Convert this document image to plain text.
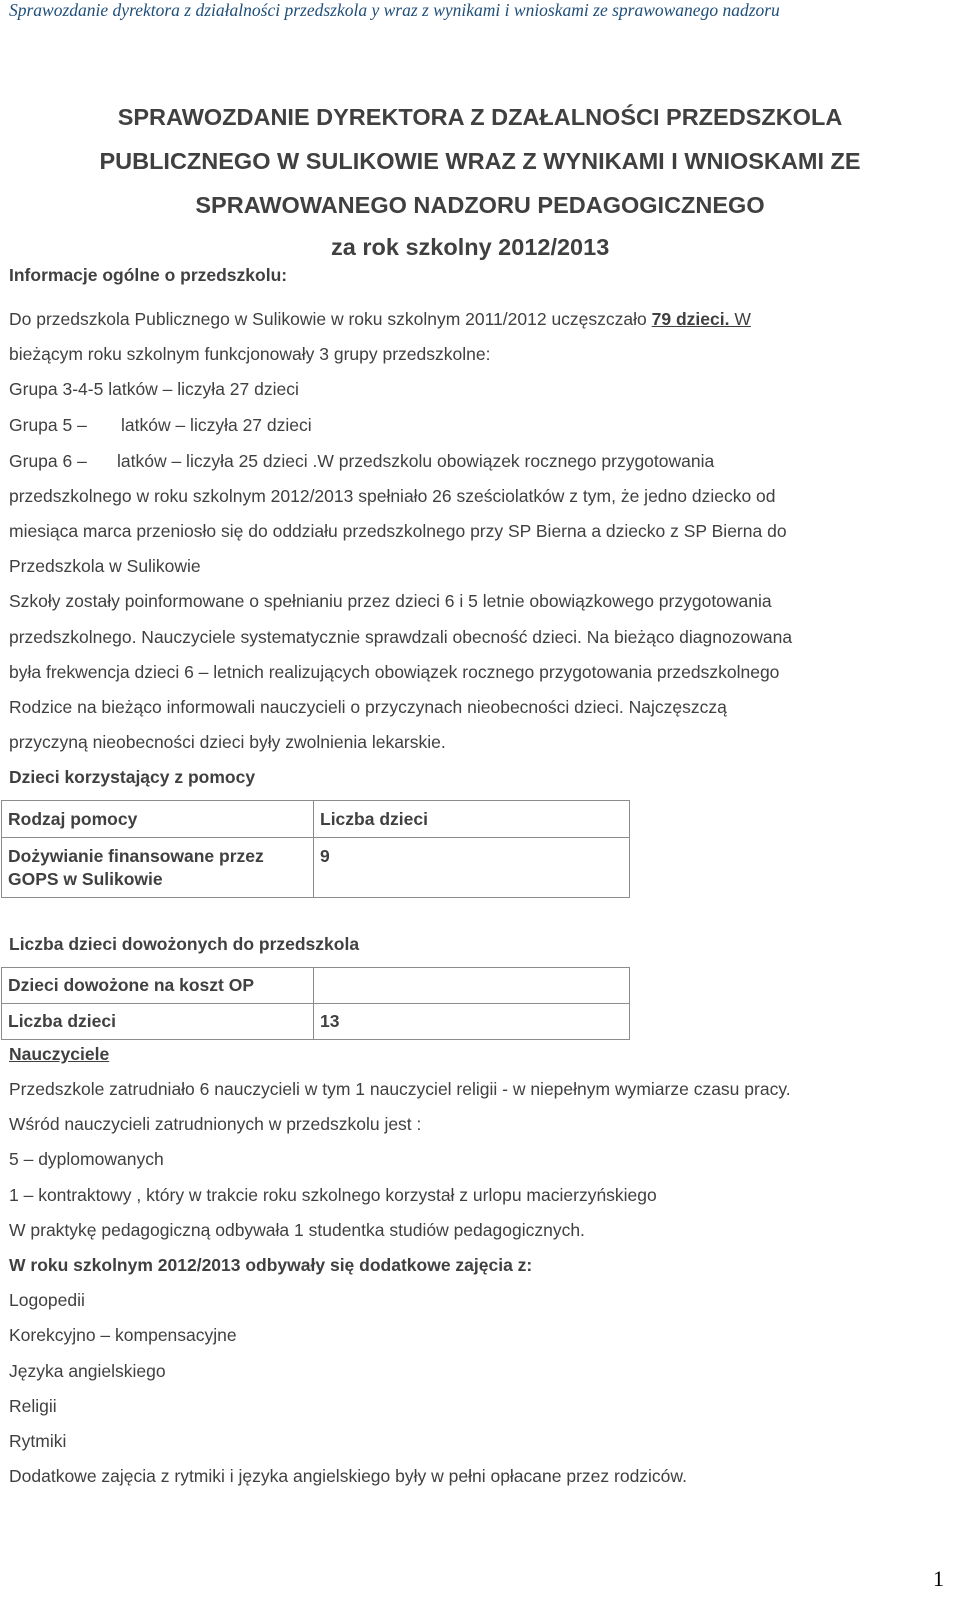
Sprawozdanie dyrektora z działalności przedszkola y wraz z wynikami i wnioskami ze sprawowanego nadzoru
SPRAWOZDANIE DYREKTORA Z DZAŁALNOŚCI PRZEDSZKOLA
PUBLICZNEGO W SULIKOWIE WRAZ Z WYNIKAMI I WNIOSKAMI ZE
SPRAWOWANEGO NADZORU PEDAGOGICZNEGO
za rok szkolny 2012/2013
Informacje ogólne o przedszkolu:
Do przedszkola Publicznego w Sulikowie w roku szkolnym 2011/2012 uczęszczało 79 dzieci. W
bieżącym roku szkolnym funkcjonowały 3 grupy przedszkolne:
Grupa 3-4-5 latków – liczyła 27 dzieci
Grupa 5 – latków – liczyła 27 dzieci
Grupa 6 – latków – liczyła 25 dzieci .W przedszkolu obowiązek rocznego przygotowania
przedszkolnego w roku szkolnym 2012/2013 spełniało 26 sześciolatków z tym, że jedno dziecko od
miesiąca marca przeniosło się do oddziału przedszkolnego przy SP Bierna a dziecko z SP Bierna do
Przedszkola w Sulikowie
Szkoły zostały poinformowane o spełnianiu przez dzieci 6 i 5 letnie obowiązkowego przygotowania
przedszkolnego. Nauczyciele systematycznie sprawdzali obecność dzieci. Na bieżąco diagnozowana
była frekwencja dzieci 6 – letnich realizujących obowiązek rocznego przygotowania przedszkolnego
Rodzice na bieżąco informowali nauczycieli o przyczynach nieobecności dzieci. Najczęszczą
przyczyną nieobecności dzieci były zwolnienia lekarskie.
Dzieci korzystający z pomocy
Rodzaj pomocy	Liczba dzieci

Dożywianie finansowane przez
GOPS w Sulikowie	9
Liczba dzieci dowożonych do przedszkola
Dzieci dowożone na koszt OP	
Liczba dzieci	13
Nauczyciele
Przedszkole zatrudniało 6 nauczycieli w tym 1 nauczyciel religii - w niepełnym wymiarze czasu pracy.
Wśród nauczycieli zatrudnionych w przedszkolu jest :
5 – dyplomowanych
1 – kontraktowy , który w trakcie roku szkolnego korzystał z urlopu macierzyńskiego
W praktykę pedagogiczną odbywała 1 studentka studiów pedagogicznych.
W roku szkolnym 2012/2013 odbywały się dodatkowe zajęcia z:
Logopedii
Korekcyjno – kompensacyjne
Języka angielskiego
Religii
Rytmiki
Dodatkowe zajęcia z rytmiki i języka angielskiego były w pełni opłacane przez rodziców.
1
